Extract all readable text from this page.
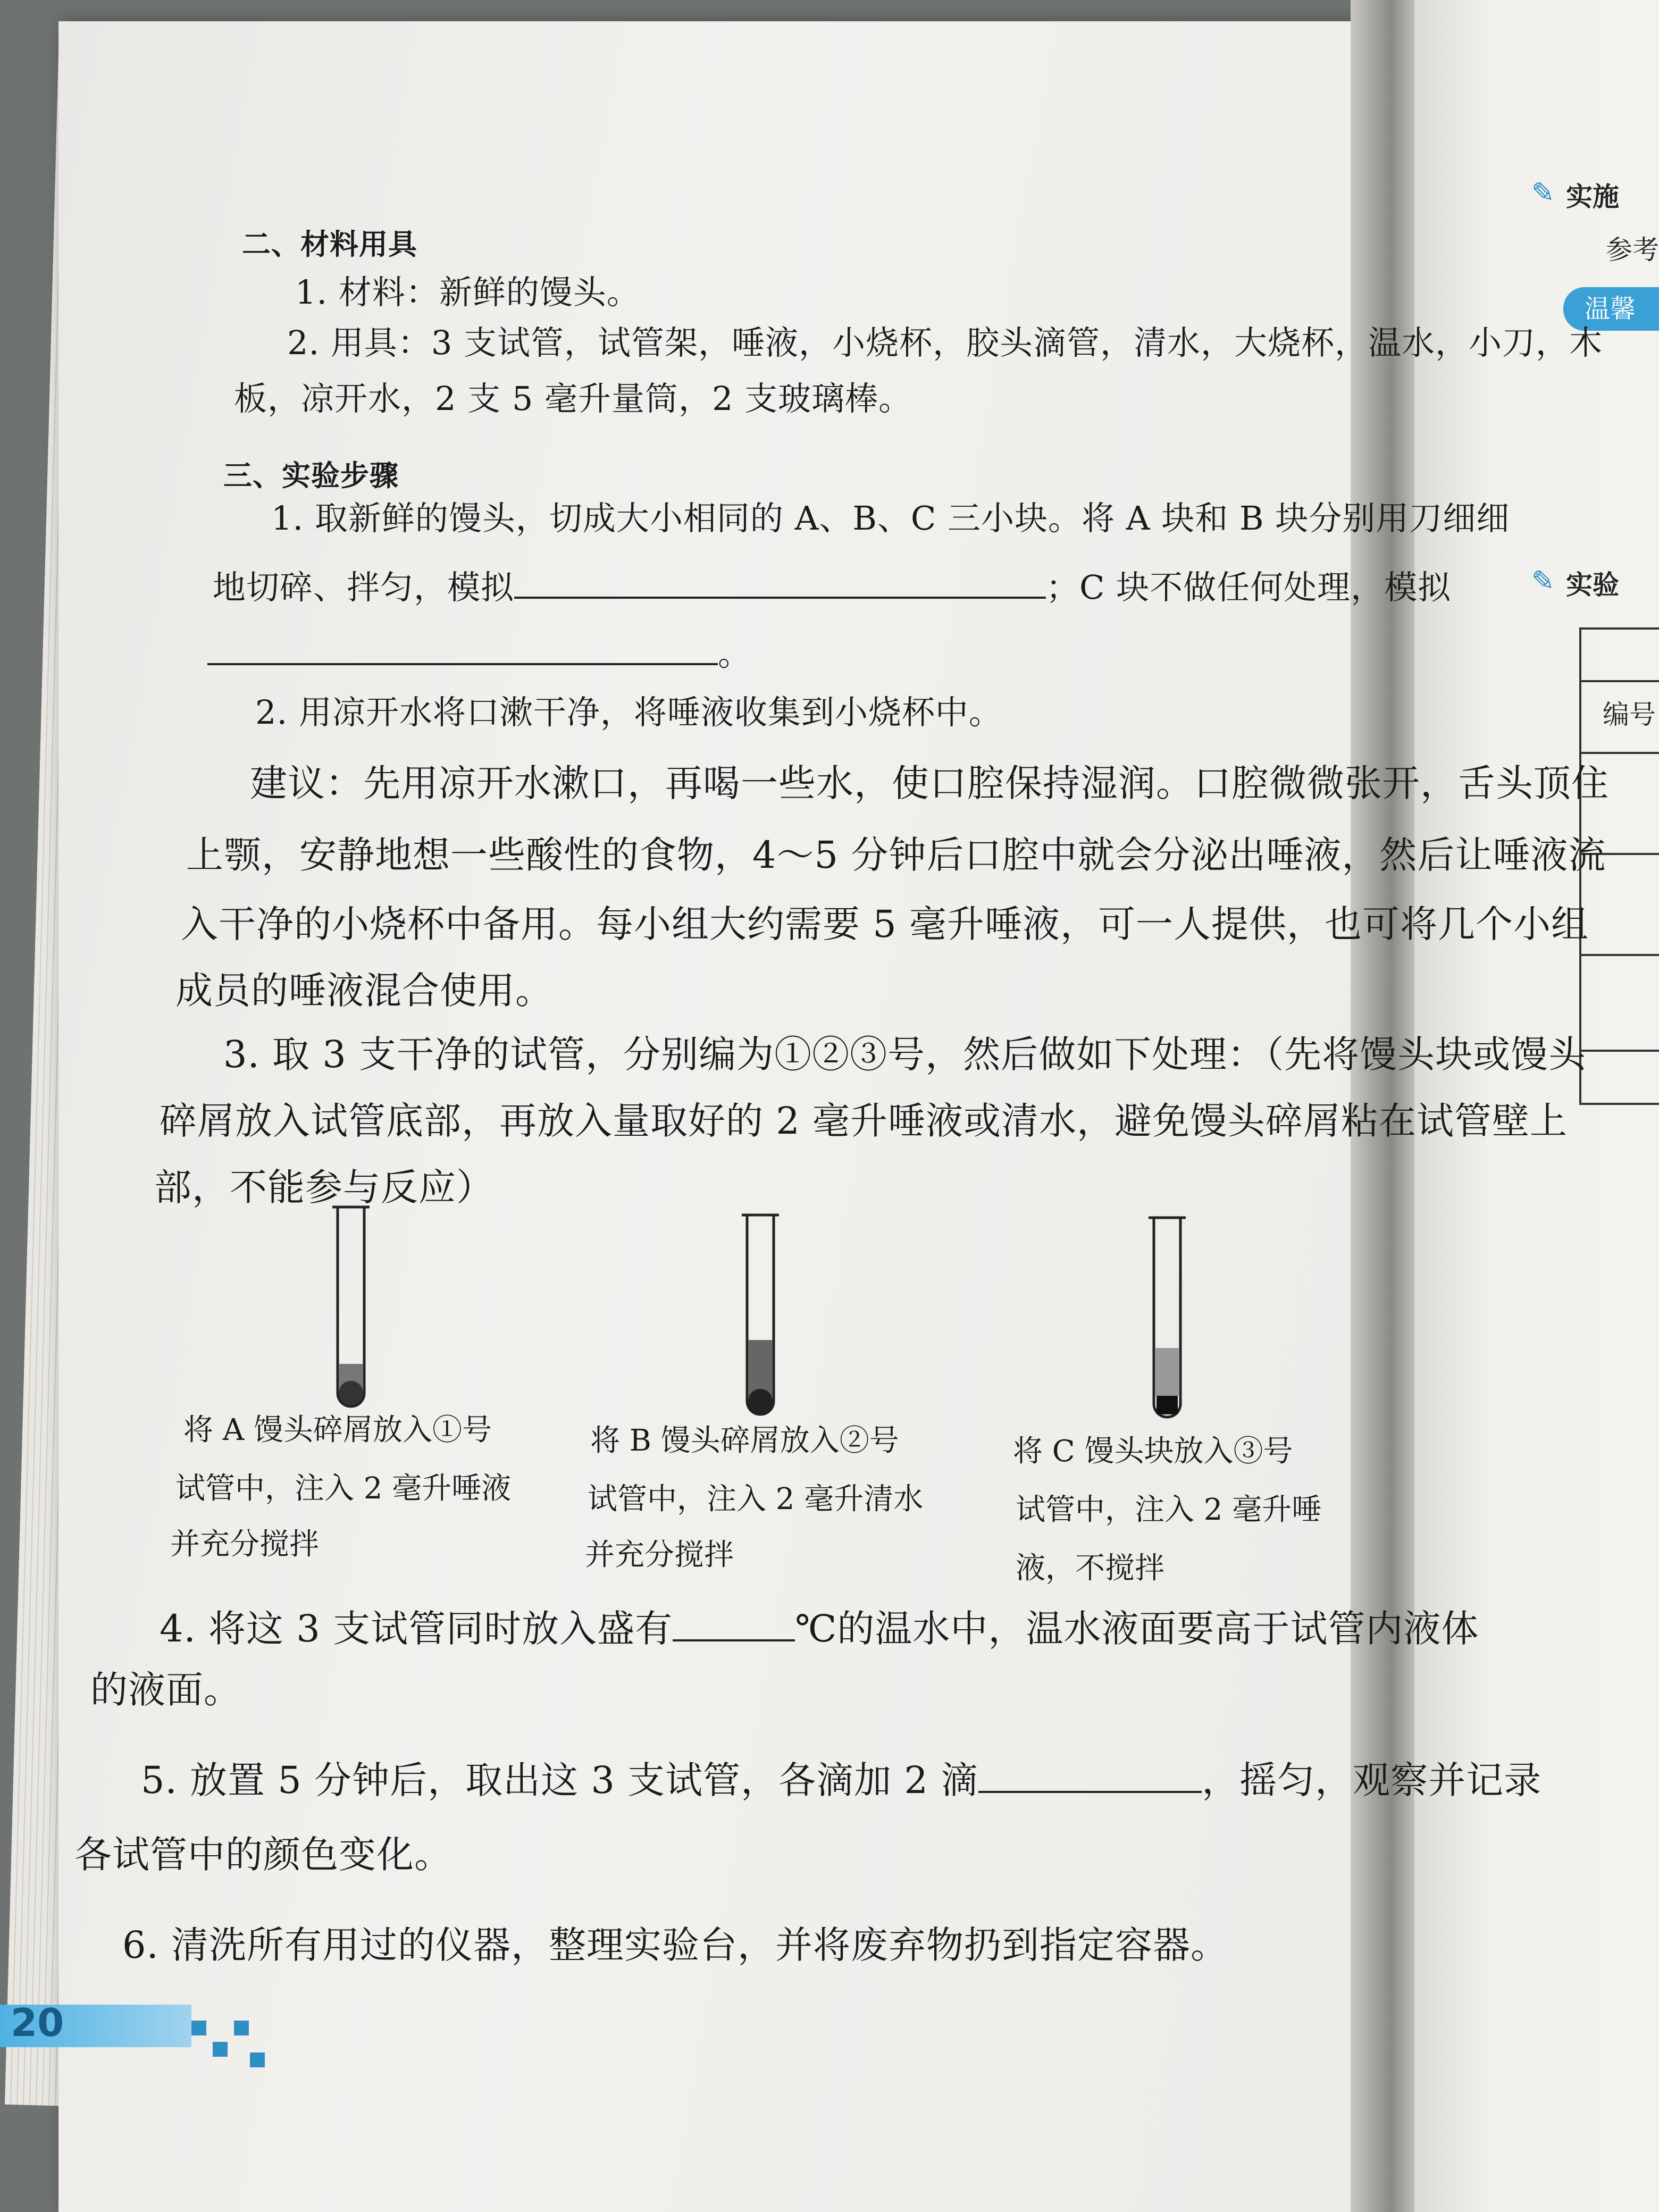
✎ 实施
参考
温馨
✎ 实验
编号
二、材料用具
1. 材料：新鲜的馒头。
2. 用具：3 支试管，试管架，唾液，小烧杯，胶头滴管，清水，大烧杯，温水，小刀，木
板，凉开水，2 支 5 毫升量筒，2 支玻璃棒。
三、实验步骤
1. 取新鲜的馒头，切成大小相同的 A、B、C 三小块。将 A 块和 B 块分别用刀细细
地切碎、拌匀，模拟	；C 块不做任何处理，模拟
。
2. 用凉开水将口漱干净，将唾液收集到小烧杯中。
建议：先用凉开水漱口，再喝一些水，使口腔保持湿润。口腔微微张开，舌头顶住
上颚，安静地想一些酸性的食物，4～5 分钟后口腔中就会分泌出唾液，然后让唾液流
入干净的小烧杯中备用。每小组大约需要 5 毫升唾液，可一人提供，也可将几个小组
成员的唾液混合使用。
3. 取 3 支干净的试管，分别编为①②③号，然后做如下处理：（先将馒头块或馒头
碎屑放入试管底部，再放入量取好的 2 毫升唾液或清水，避免馒头碎屑粘在试管壁上
部，不能参与反应）
将 A 馒头碎屑放入①号
试管中，注入 2 毫升唾液
并充分搅拌
将 B 馒头碎屑放入②号
试管中，注入 2 毫升清水
并充分搅拌
将 C 馒头块放入③号
试管中，注入 2 毫升唾
液，不搅拌
4. 将这 3 支试管同时放入盛有	℃的温水中，温水液面要高于试管内液体
的液面。
5. 放置 5 分钟后，取出这 3 支试管，各滴加 2 滴	，摇匀，观察并记录
各试管中的颜色变化。
6. 清洗所有用过的仪器，整理实验台，并将废弃物扔到指定容器。
20
